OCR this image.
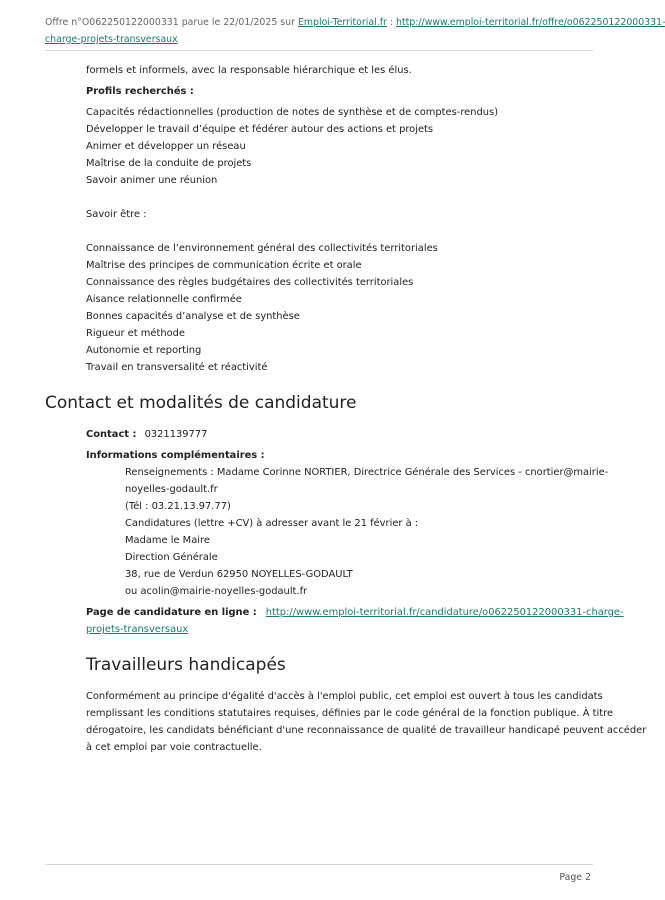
Offre n°O062250122000331 parue le 22/01/2025 sur Emploi-Territorial.fr : http://www.emploi-territorial.fr/offre/o062250122000331-
charge-projets-transversaux
formels et informels, avec la responsable hiérarchique et les élus.
Profils recherchés :
Capacités rédactionnelles (production de notes de synthèse et de comptes-rendus)
Développer le travail d’équipe et fédérer autour des actions et projets
Animer et développer un réseau
Maîtrise de la conduite de projets
Savoir animer une réunion
Savoir être :
Connaissance de l’environnement général des collectivités territoriales
Maîtrise des principes de communication écrite et orale
Connaissance des règles budgétaires des collectivités territoriales
Aisance relationnelle confirmée
Bonnes capacités d’analyse et de synthèse
Rigueur et méthode
Autonomie et reporting
Travail en transversalité et réactivité
Contact et modalités de candidature
Contact : 0321139777
Informations complémentaires :
Renseignements : Madame Corinne NORTIER, Directrice Générale des Services - cnortier@mairie-
noyelles-godault.fr
(Tél : 03.21.13.97.77)
Candidatures (lettre +CV) à adresser avant le 21 février à :
Madame le Maire
Direction Générale
38, rue de Verdun 62950 NOYELLES-GODAULT
ou acolin@mairie-noyelles-godault.fr
Page de candidature en ligne : http://www.emploi-territorial.fr/candidature/o062250122000331-charge-
projets-transversaux
Travailleurs handicapés
Conformément au principe d'égalité d'accès à l'emploi public, cet emploi est ouvert à tous les candidats
remplissant les conditions statutaires requises, définies par le code général de la fonction publique. À titre
dérogatoire, les candidats bénéficiant d'une reconnaissance de qualité de travailleur handicapé peuvent accéder
à cet emploi par voie contractuelle.
Page 2
